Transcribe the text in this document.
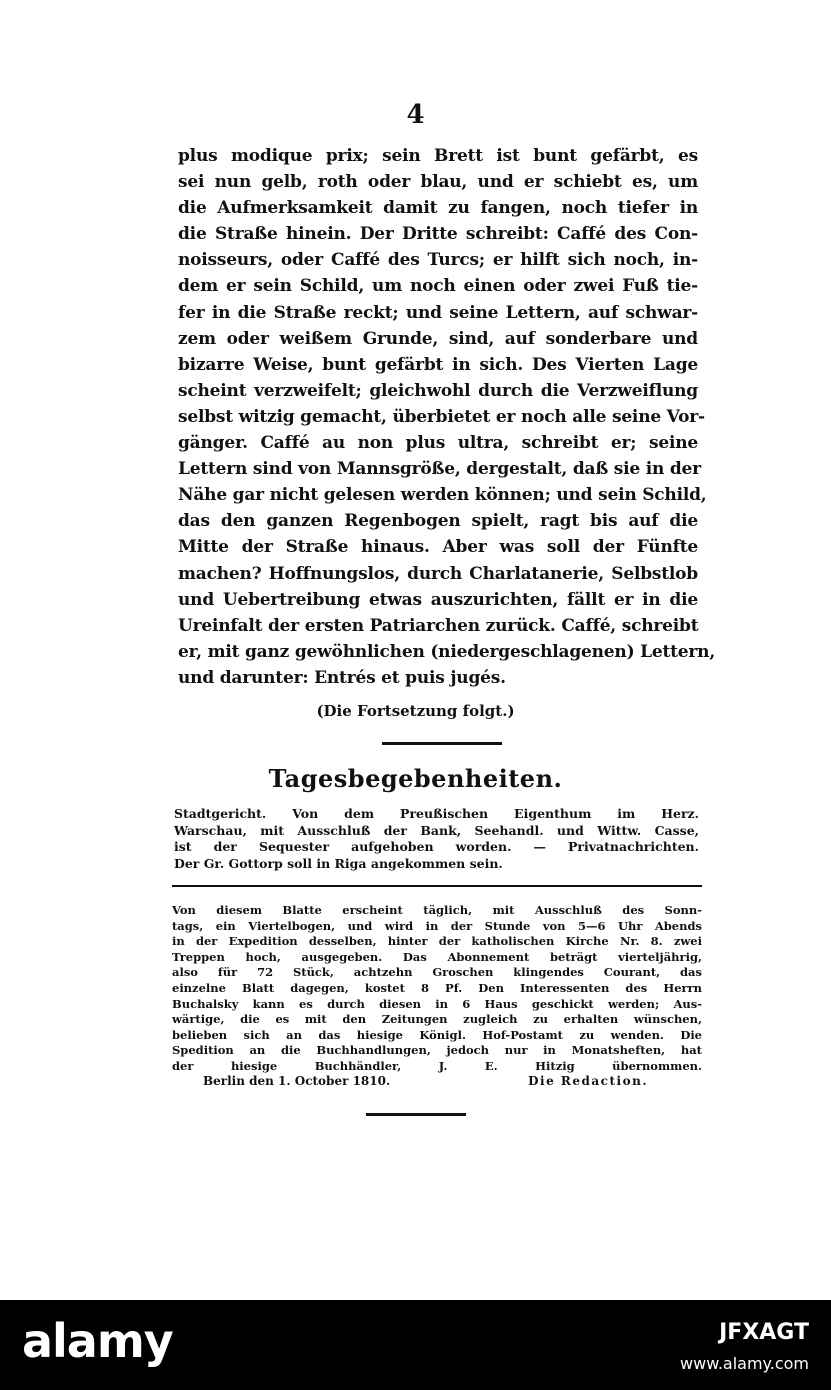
4
plus modique prix; sein Brett ist bunt gefärbt, es
sei nun gelb, roth oder blau, und er schiebt es, um
die Aufmerksamkeit damit zu fangen, noch tiefer in
die Straße hinein. Der Dritte schreibt: Caffé des Con-
noisseurs, oder Caffé des Turcs; er hilft sich noch, in-
dem er sein Schild, um noch einen oder zwei Fuß tie-
fer in die Straße reckt; und seine Lettern, auf schwar-
zem oder weißem Grunde, sind, auf sonderbare und
bizarre Weise, bunt gefärbt in sich. Des Vierten Lage
scheint verzweifelt; gleichwohl durch die Verzweiflung
selbst witzig gemacht, überbietet er noch alle seine Vor-
gänger. Caffé au non plus ultra, schreibt er; seine
Lettern sind von Mannsgröße, dergestalt, daß sie in der
Nähe gar nicht gelesen werden können; und sein Schild,
das den ganzen Regenbogen spielt, ragt bis auf die
Mitte der Straße hinaus. Aber was soll der Fünfte
machen? Hoffnungslos, durch Charlatanerie, Selbstlob
und Uebertreibung etwas auszurichten, fällt er in die
Ureinfalt der ersten Patriarchen zurück. Caffé, schreibt
er, mit ganz gewöhnlichen (niedergeschlagenen) Lettern,
und darunter: Entrés et puis jugés.
(Die Fortsetzung folgt.)
Tagesbegebenheiten.
Stadtgericht. Von dem Preußischen Eigenthum im Herz.
Warschau, mit Ausschluß der Bank, Seehandl. und Wittw. Casse,
ist der Sequester aufgehoben worden. — Privatnachrichten.
Der Gr. Gottorp soll in Riga angekommen sein.
Von diesem Blatte erscheint täglich, mit Ausschluß des Sonn-
tags, ein Viertelbogen, und wird in der Stunde von 5—6 Uhr Abends
in der Expedition desselben, hinter der katholischen Kirche Nr. 8. zwei
Treppen hoch, ausgegeben. Das Abonnement beträgt vierteljährig,
also für 72 Stück, achtzehn Groschen klingendes Courant, das
einzelne Blatt dagegen, kostet 8 Pf. Den Interessenten des Herrn
Buchalsky kann es durch diesen in 6 Haus geschickt werden; Aus-
wärtige, die es mit den Zeitungen zugleich zu erhalten wünschen,
belieben sich an das hiesige Königl. Hof-Postamt zu wenden. Die
Spedition an die Buchhandlungen, jedoch nur in Monatsheften, hat
der hiesige Buchhändler, J. E. Hitzig übernommen.
Berlin den 1. October 1810.	Die Redaction.
alamy	JFXAGT
www.alamy.com
